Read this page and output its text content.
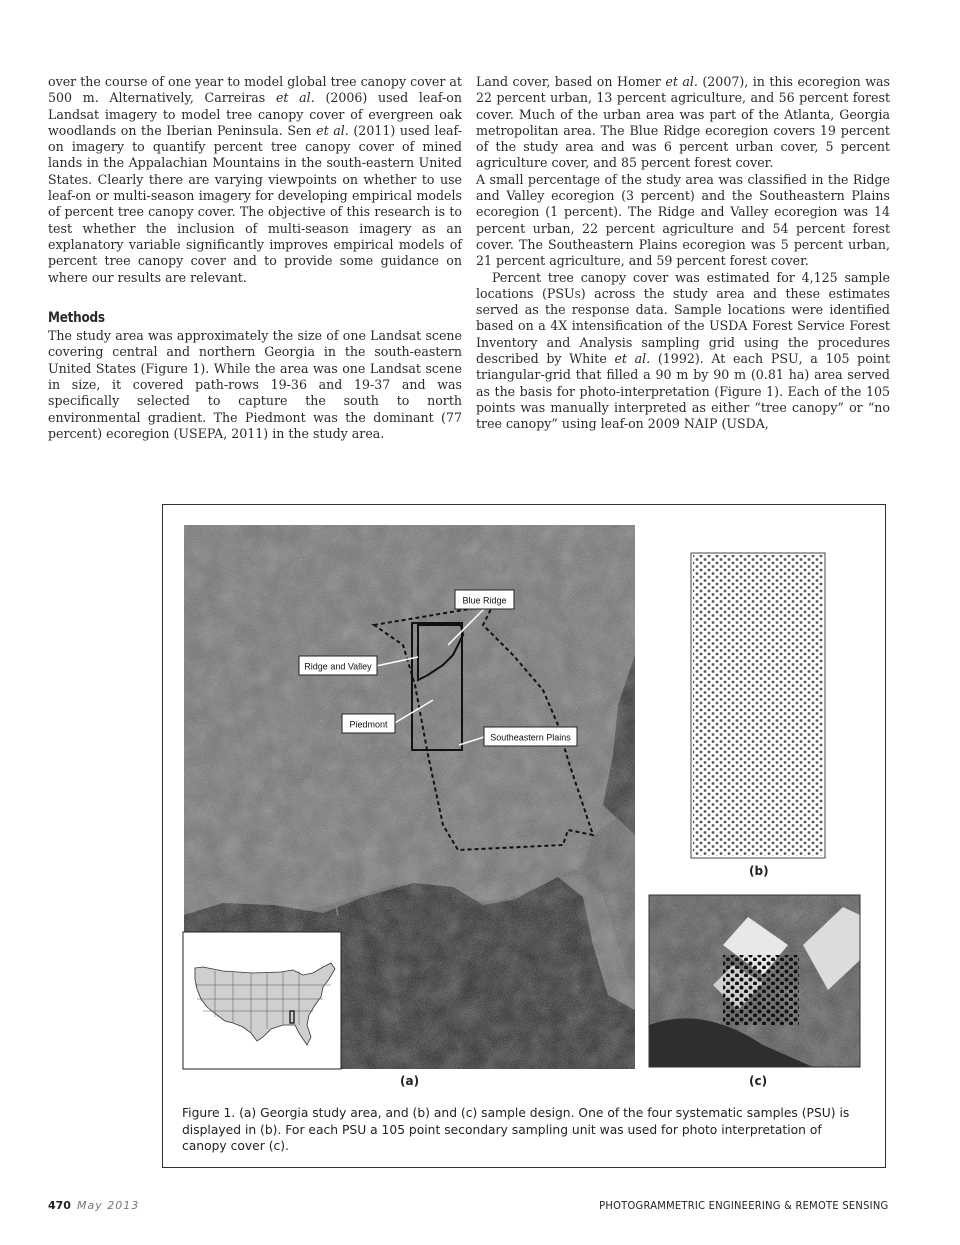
over the course of one year to model global tree canopy cover at 500 m. Alternatively, Carreiras et al. (2006) used leaf-on Landsat imagery to model tree canopy cover of evergreen oak woodlands on the Iberian Peninsula. Sen et al. (2011) used leaf-on imagery to quantify percent tree canopy cover of mined lands in the Appalachian Mountains in the south-eastern United States. Clearly there are varying viewpoints on whether to use leaf-on or multi-season imagery for developing empirical models of percent tree canopy cover. The objective of this research is to test whether the inclusion of multi-season imagery as an explanatory variable significantly improves empirical models of percent tree canopy cover and to provide some guidance on where our results are relevant.

Methods

The study area was approximately the size of one Landsat scene covering central and northern Georgia in the south-eastern United States (Figure 1). While the area was one Landsat scene in size, it covered path-rows 19-36 and 19-37 and was specifically selected to capture the south to north environmental gradient. The Piedmont was the dominant (77 percent) ecoregion (USEPA, 2011) in the study area.

Land cover, based on Homer et al. (2007), in this ecoregion was 22 percent urban, 13 percent agriculture, and 56 percent forest cover. Much of the urban area was part of the Atlanta, Georgia metropolitan area. The Blue Ridge ecoregion covers 19 percent of the study area and was 6 percent urban cover, 5 percent agriculture cover, and 85 percent forest cover.

A small percentage of the study area was classified in the Ridge and Valley ecoregion (3 percent) and the Southeastern Plains ecoregion (1 percent). The Ridge and Valley ecoregion was 14 percent urban, 22 percent agriculture and 54 percent forest cover. The Southeastern Plains ecoregion was 5 percent urban, 21 percent agriculture, and 59 percent forest cover.

Percent tree canopy cover was estimated for 4,125 sample locations (PSUs) across the study area and these estimates served as the response data. Sample locations were identified based on a 4X intensification of the USDA Forest Service Forest Inventory and Analysis sampling grid using the procedures described by White et al. (1992). At each PSU, a 105 point triangular-grid that filled a 90 m by 90 m (0.81 ha) area served as the basis for photo-interpretation (Figure 1). Each of the 105 points was manually interpreted as either “tree canopy” or “no tree canopy” using leaf-on 2009 NAIP (USDA,

Blue Ridge
Ridge and Valley
Piedmont
Southeastern Plains
(a)
(b)
(c)
Figure 1. (a) Georgia study area, and (b) and (c) sample design. One of the four systematic samples (PSU) is displayed in (b). For each PSU a 105 point secondary sampling unit was used for photo interpretation of canopy cover (c).
470 May 2013	PHOTOGRAMMETRIC ENGINEERING & REMOTE SENSING
